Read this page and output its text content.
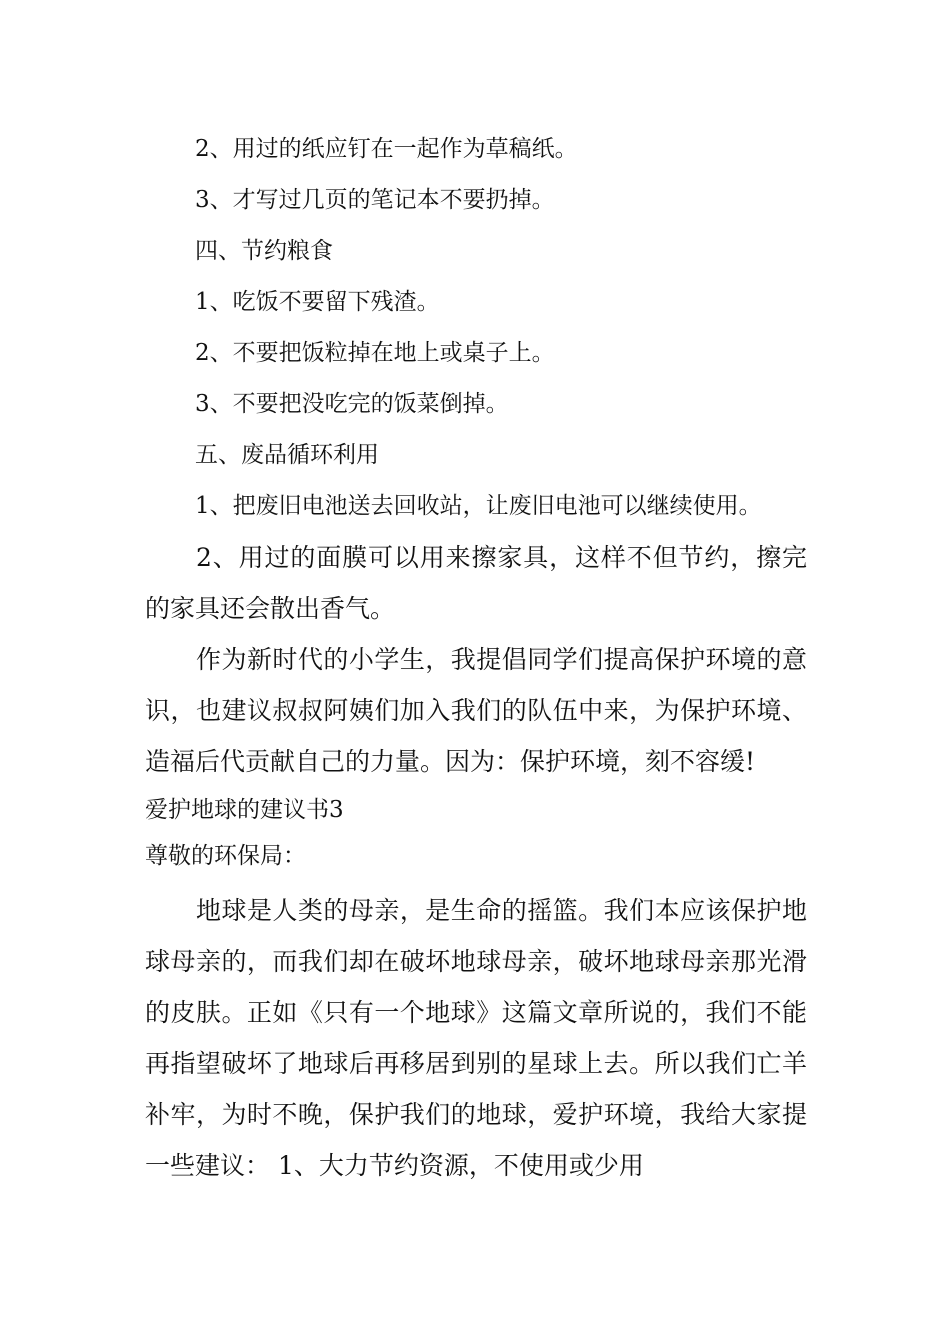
2、用过的纸应钉在一起作为草稿纸。
3、才写过几页的笔记本不要扔掉。
四、节约粮食
1、吃饭不要留下残渣。
2、不要把饭粒掉在地上或桌子上。
3、不要把没吃完的饭菜倒掉。
五、废品循环利用
1、把废旧电池送去回收站，让废旧电池可以继续使用。

2、用过的面膜可以用来擦家具，这样不但节约，擦完的家具还会散出香气。

作为新时代的小学生，我提倡同学们提高保护环境的意识，也建议叔叔阿姨们加入我们的队伍中来，为保护环境、造福后代贡献自己的力量。因为：保护环境，刻不容缓!

爱护地球的建议书3

尊敬的环保局：

地球是人类的母亲，是生命的摇篮。我们本应该保护地球母亲的，而我们却在破坏地球母亲，破坏地球母亲那光滑的皮肤。正如《只有一个地球》这篇文章所说的，我们不能再指望破坏了地球后再移居到别的星球上去。所以我们亡羊补牢，为时不晚，保护我们的地球，爱护环境，我给大家提一些建议： 1、大力节约资源，不使用或少用
